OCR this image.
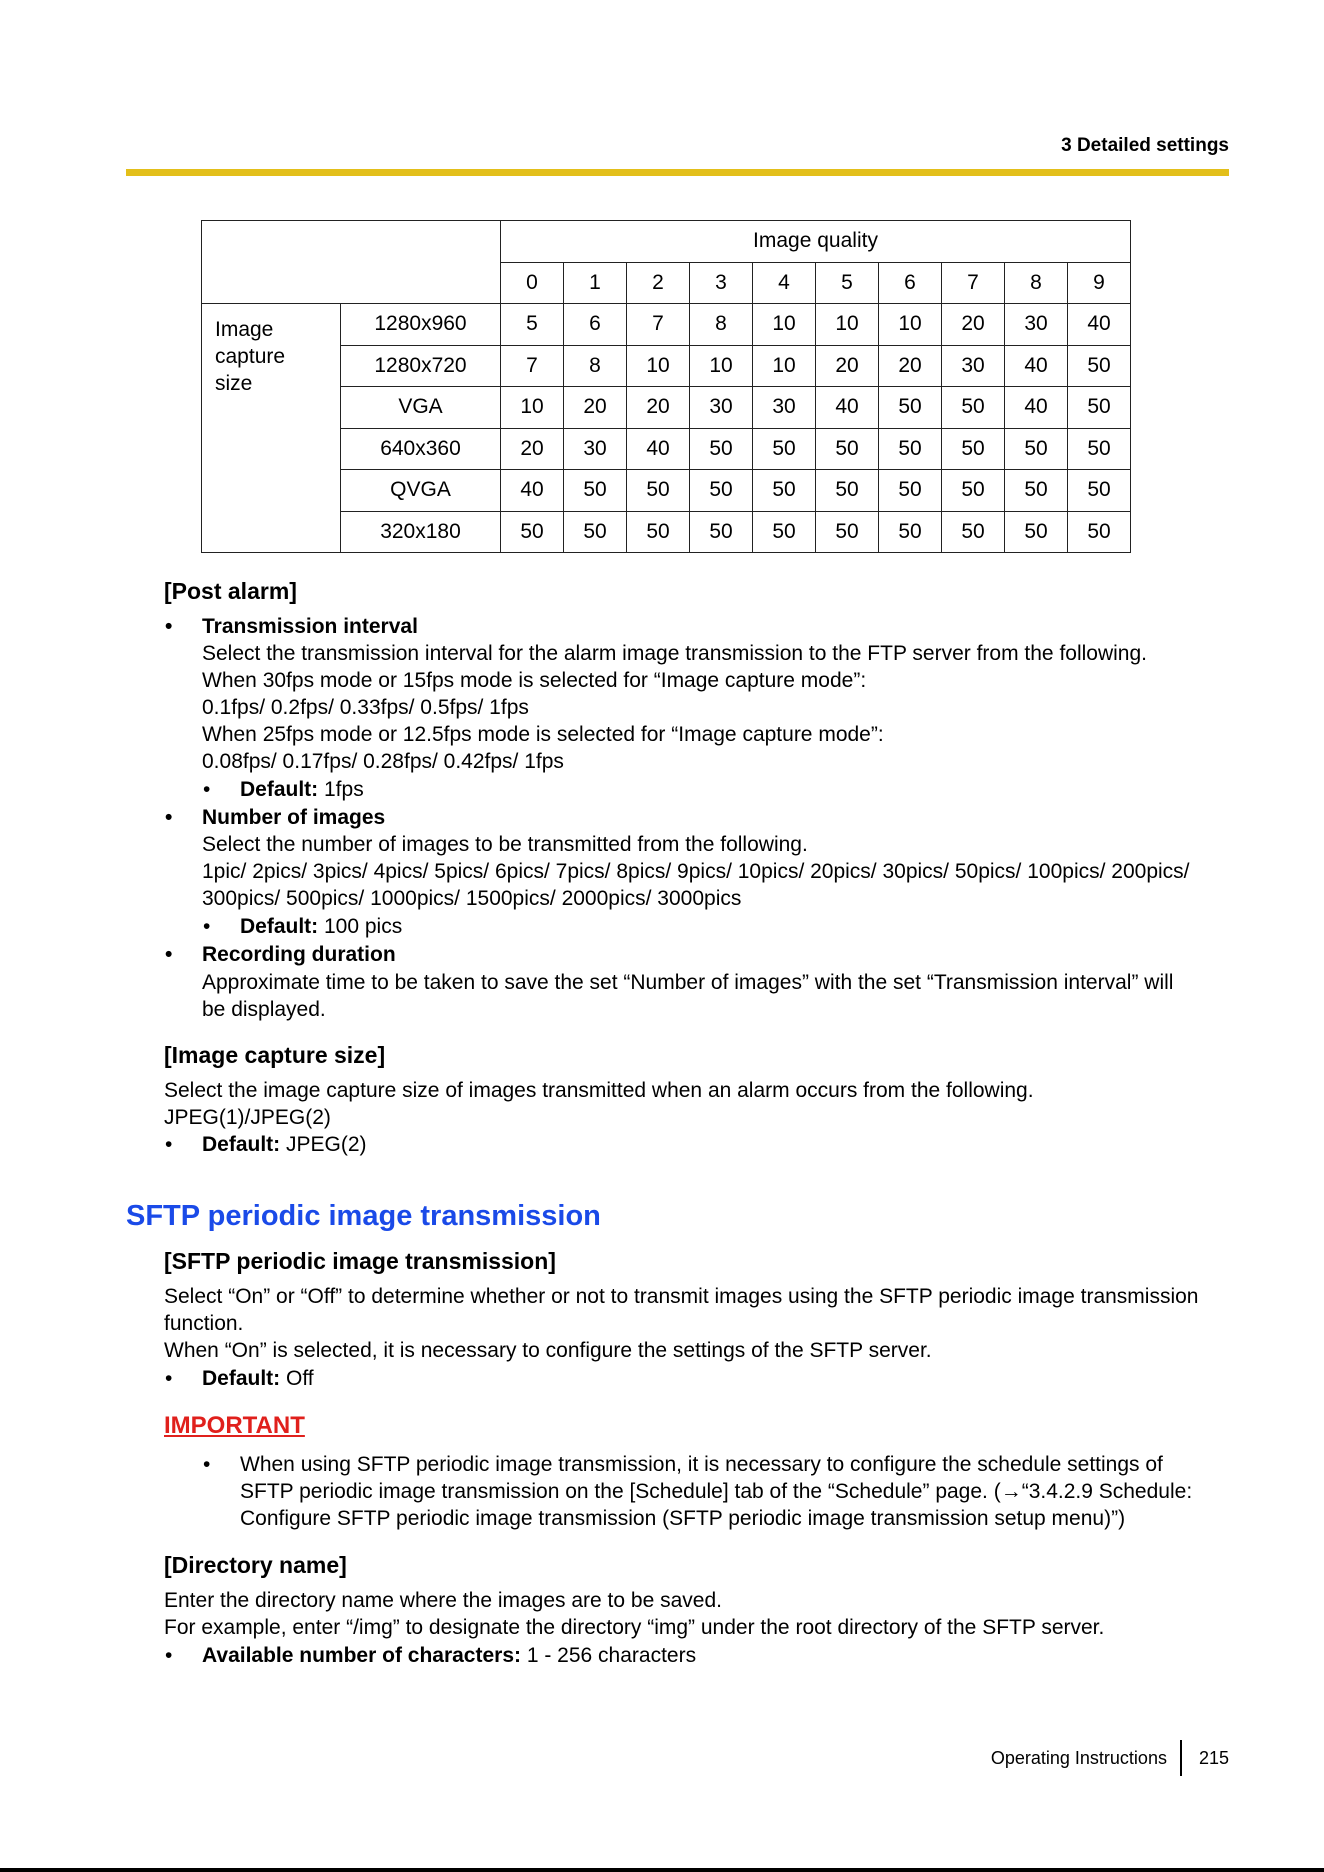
3 Detailed settings
		Image quality									
		0	1	2	3	4	5	6	7	8	9

Image
capture
size	1280x960	5	6	7	8	10	10	10	20	30	40
	1280x720	7	8	10	10	10	20	20	30	40	50
	VGA	10	20	20	30	30	40	50	50	40	50
	640x360	20	30	40	50	50	50	50	50	50	50
	QVGA	40	50	50	50	50	50	50	50	50	50
	320x180	50	50	50	50	50	50	50	50	50	50
[Post alarm]
• Transmission interval
Select the transmission interval for the alarm image transmission to the FTP server from the following.
When 30fps mode or 15fps mode is selected for “Image capture mode”:
0.1fps/ 0.2fps/ 0.33fps/ 0.5fps/ 1fps
When 25fps mode or 12.5fps mode is selected for “Image capture mode”:
0.08fps/ 0.17fps/ 0.28fps/ 0.42fps/ 1fps
• Default: 1fps
• Number of images
Select the number of images to be transmitted from the following.
1pic/ 2pics/ 3pics/ 4pics/ 5pics/ 6pics/ 7pics/ 8pics/ 9pics/ 10pics/ 20pics/ 30pics/ 50pics/ 100pics/ 200pics/
300pics/ 500pics/ 1000pics/ 1500pics/ 2000pics/ 3000pics
• Default: 100 pics
• Recording duration
Approximate time to be taken to save the set “Number of images” with the set “Transmission interval” will
be displayed.
[Image capture size]
Select the image capture size of images transmitted when an alarm occurs from the following.
JPEG(1)/JPEG(2)
• Default: JPEG(2)
[SFTP periodic image transmission]
Select “On” or “Off” to determine whether or not to transmit images using the SFTP periodic image transmission
function.
When “On” is selected, it is necessary to configure the settings of the SFTP server.
• Default: Off
• When using SFTP periodic image transmission, it is necessary to configure the schedule settings of
SFTP periodic image transmission on the [Schedule] tab of the “Schedule” page. (→“3.4.2.9 Schedule:
Configure SFTP periodic image transmission (SFTP periodic image transmission setup menu)”)
[Directory name]
Enter the directory name where the images are to be saved.
For example, enter “/img” to designate the directory “img” under the root directory of the SFTP server.
• Available number of characters: 1 - 256 characters
SFTP periodic image transmission
IMPORTANT
Operating Instructions 215
